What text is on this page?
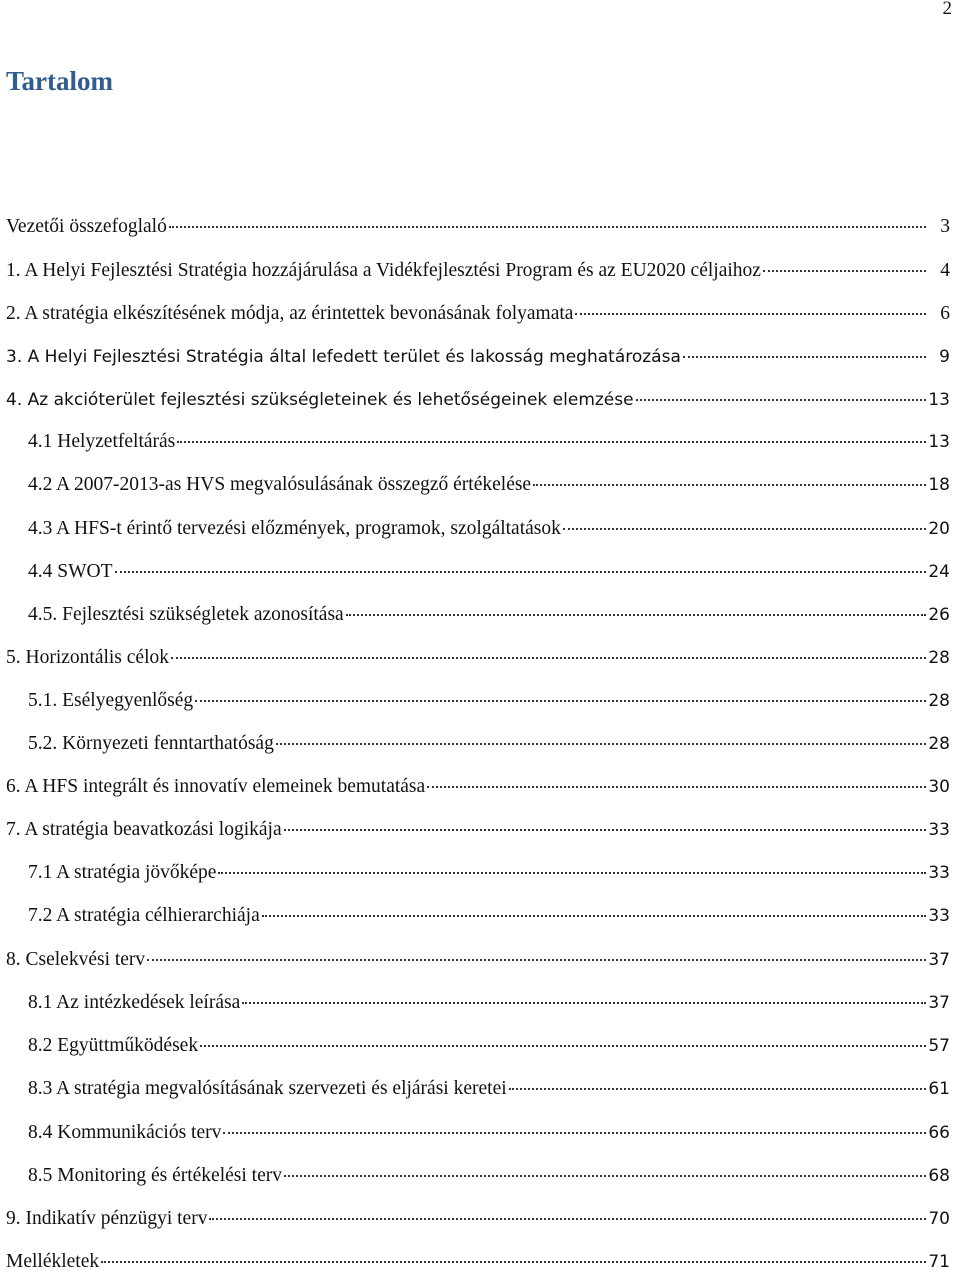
2
Tartalom
Vezetői összefoglaló	3
1. A Helyi Fejlesztési Stratégia hozzájárulása a Vidékfejlesztési Program és az EU2020 céljaihoz	4
2. A stratégia elkészítésének módja, az érintettek bevonásának folyamata	6
3. A Helyi Fejlesztési Stratégia által lefedett terület és lakosság meghatározása	9
4. Az akcióterület fejlesztési szükségleteinek és lehetőségeinek elemzése	13
4.1 Helyzetfeltárás	13
4.2 A 2007-2013-as HVS megvalósulásának összegző értékelése	18
4.3 A HFS-t érintő tervezési előzmények, programok, szolgáltatások	20
4.4 SWOT	24
4.5. Fejlesztési szükségletek azonosítása	26
5. Horizontális célok	28
5.1. Esélyegyenlőség	28
5.2. Környezeti fenntarthatóság	28
6. A HFS integrált és innovatív elemeinek bemutatása	30
7. A stratégia beavatkozási logikája	33
7.1 A stratégia jövőképe	33
7.2 A stratégia célhierarchiája	33
8. Cselekvési terv	37
8.1 Az intézkedések leírása	37
8.2 Együttműködések	57
8.3 A stratégia megvalósításának szervezeti és eljárási keretei	61
8.4 Kommunikációs terv	66
8.5 Monitoring és értékelési terv	68
9. Indikatív pénzügyi terv	70
Mellékletek	71
